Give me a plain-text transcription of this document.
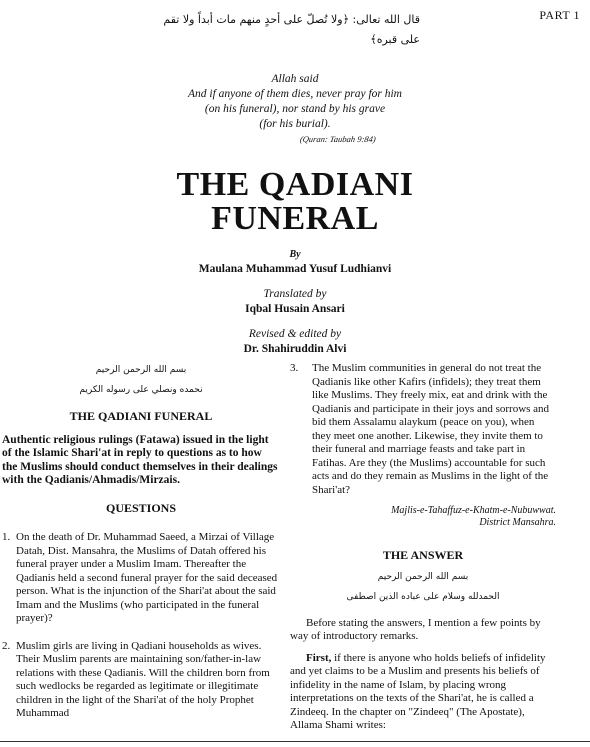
PART 1
قال الله تعالى: ﴿ولا تُصلّ على أحدٍ منهم مات أبداً ولا تقم
على قبره﴾
Allah said
And if anyone of them dies, never pray for him
(on his funeral), nor stand by his grave
(for his burial).
(Quran: Taubah 9:84)
THE QADIANI
FUNERAL
By
Maulana Muhammad Yusuf Ludhianvi
Translated by
Iqbal Husain Ansari
Revised & edited by
Dr. Shahiruddin Alvi
بسم الله الرحمن الرحيم
نحمده ونصلي على رسوله الكريم
THE QADIANI FUNERAL

Authentic religious rulings (Fatawa) issued in the light of the Islamic Shari'at in reply to questions as to how the Muslims should conduct themselves in their dealings with the Qadianis/Ahmadis/Mirzais.

QUESTIONS
1. On the death of Dr. Muhammad Saeed, a Mirzai of Village Datah, Dist. Mansahra, the Muslims of Datah offered his funeral prayer under a Muslim Imam. Thereafter the Qadianis held a second funeral prayer for the said deceased person. What is the injunction of the Shari'at about the said Imam and the Muslims (who participated in the funeral prayer)?

2. Muslim girls are living in Qadiani households as wives. Their Muslim parents are maintaining son/father-in-law relations with these Qadianis. Will the children born from such wedlocks be regarded as legitimate or illegitimate children in the light of the Shari'at of the holy Prophet Muhammad

3.	The Muslim communities in general do not treat the Qadianis like other Kafirs (infidels); they treat them like Muslims. They freely mix, eat and drink with the Qadianis and participate in their joys and sorrows and bid them Assalamu alaykum (peace on you), when they meet one another. Likewise, they invite them to their funeral and marriage feasts and take part in Fatihas. Are they (the Muslims) accountable for such acts and do they remain as Muslims in the light of the Shari'at?

Majlis-e-Tahaffuz-e-Khatm-e-Nubuwwat.
District Mansahra.
THE ANSWER
بسم الله الرحمن الرحيم
الحمدلله وسلام على عباده الذين اصطفى

Before stating the answers, I mention a few points by way of introductory remarks.

First, if there is anyone who holds beliefs of infidelity and yet claims to be a Muslim and presents his beliefs of infidelity in the name of Islam, by placing wrong interpretations on the texts of the Shari'at, he is called a Zindeeq. In the chapter on "Zindeeq" (The Apostate), Allama Shami writes:
